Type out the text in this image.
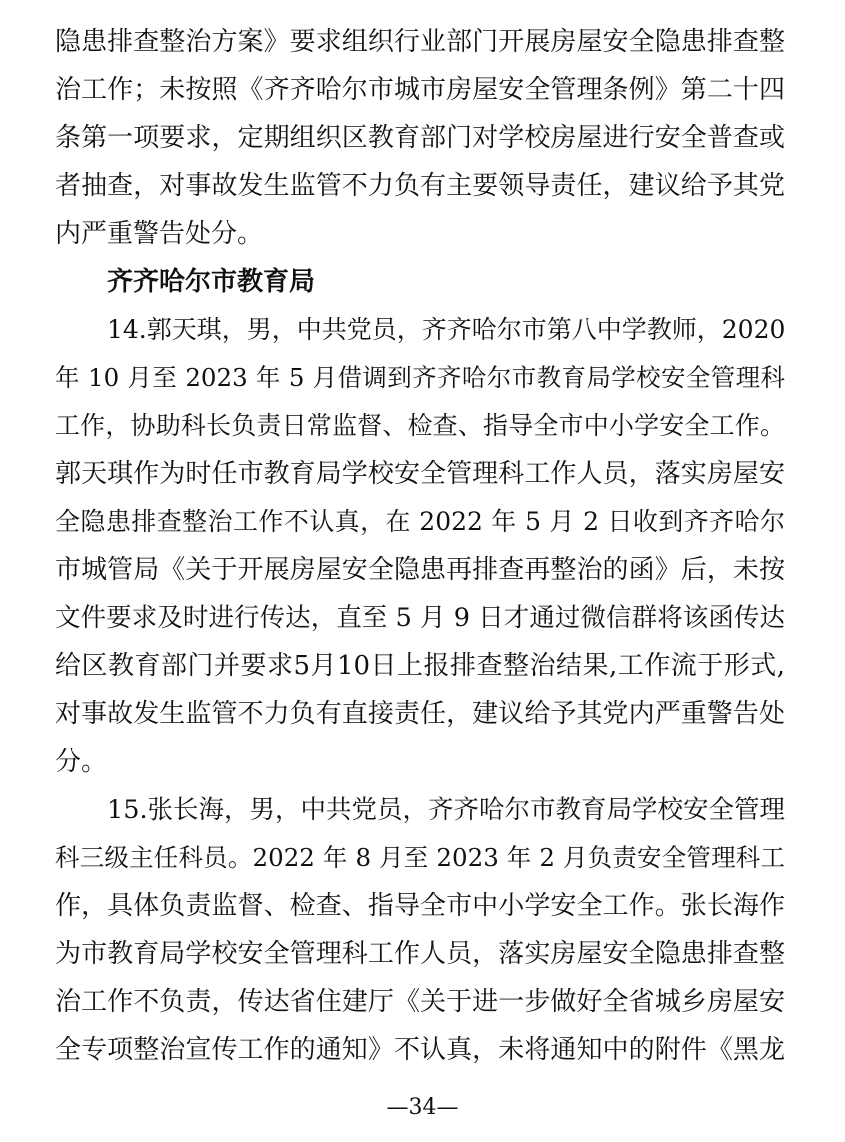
隐患排查整治方案》要求组织行业部门开展房屋安全隐患排查整
治工作；未按照《齐齐哈尔市城市房屋安全管理条例》第二十四
条第一项要求，定期组织区教育部门对学校房屋进行安全普查或
者抽查，对事故发生监管不力负有主要领导责任，建议给予其党
内严重警告处分。
齐齐哈尔市教育局
14.郭天琪，男，中共党员，齐齐哈尔市第八中学教师，2020
年 10 月至 2023 年 5 月借调到齐齐哈尔市教育局学校安全管理科
工作，协助科长负责日常监督、检查、指导全市中小学安全工作。
郭天琪作为时任市教育局学校安全管理科工作人员，落实房屋安
全隐患排查整治工作不认真，在 2022 年 5 月 2 日收到齐齐哈尔
市城管局《关于开展房屋安全隐患再排查再整治的函》后，未按
文件要求及时进行传达，直至 5 月 9 日才通过微信群将该函传达
给区教育部门并要求5月10日上报排查整治结果,工作流于形式,
对事故发生监管不力负有直接责任，建议给予其党内严重警告处
分。
15.张长海，男，中共党员，齐齐哈尔市教育局学校安全管理
科三级主任科员。2022 年 8 月至 2023 年 2 月负责安全管理科工
作，具体负责监督、检查、指导全市中小学安全工作。张长海作
为市教育局学校安全管理科工作人员，落实房屋安全隐患排查整
治工作不负责，传达省住建厅《关于进一步做好全省城乡房屋安
全专项整治宣传工作的通知》不认真，未将通知中的附件《黑龙
—34—
